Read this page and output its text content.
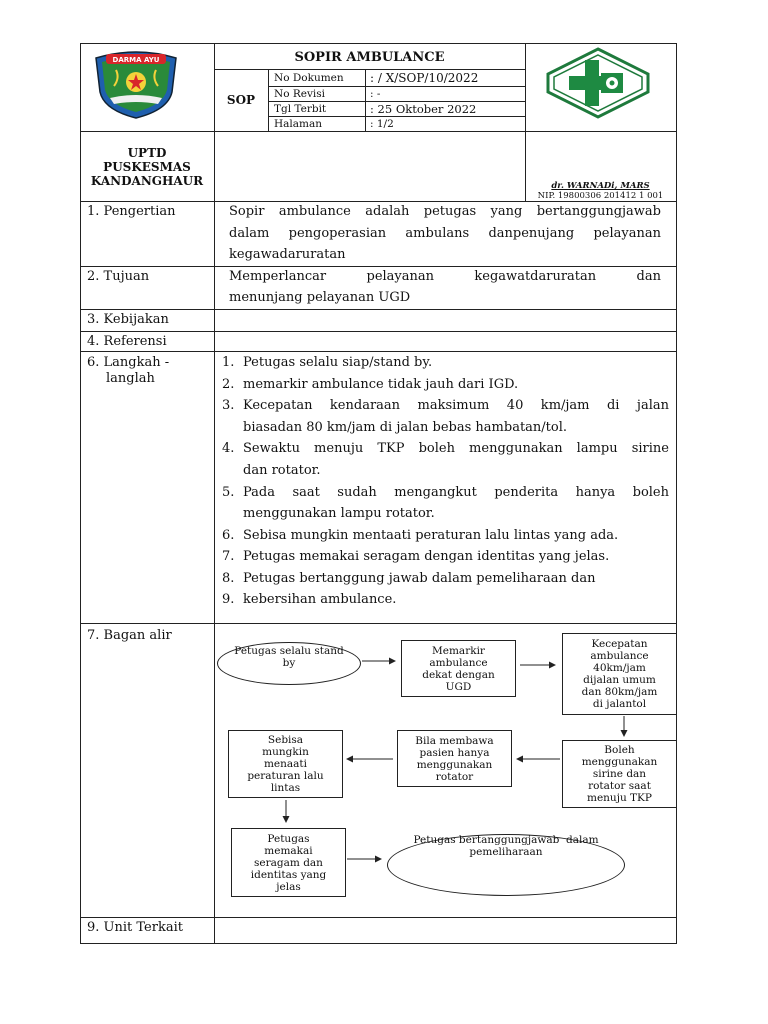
DARMA AYU	SOPIR AMBULANCE
SOP
No Dokumen : / X/SOP/10/2022
No Revisi	: -
Tgl Terbit	: 25 Oktober 2022
Halaman	: 1/2
UPTD
PUSKESMAS
KANDANGHAUR	dr. WARNADi, MARS
NIP. 19800306 201412 1 001
1. Pengertian	Sopir ambulance adalah petugas yang bertanggungjawab
dalam pengoperasian ambulans danpenujang pelayanan
kegawadaruratan
2. Tujuan	Memperlancar pelayanan kegawatdaruratan dan
menunjang pelayanan UGD
3. Kebijakan
4. Referensi
6. Langkah -
langlah
1. Petugas selalu siap/stand by.
2. memarkir ambulance tidak jauh dari IGD.
3. Kecepatan kendaraan maksimum 40 km/jam di jalan
biasadan 80 km/jam di jalan bebas hambatan/tol.
4. Sewaktu menuju TKP boleh menggunakan lampu sirine
dan rotator.
5. Pada saat sudah mengangkut penderita hanya boleh
menggunakan lampu rotator.
6. Sebisa mungkin mentaati peraturan lalu lintas yang ada.
7. Petugas memakai seragam dengan identitas yang jelas.
8. Petugas bertanggung jawab dalam pemeliharaan dan
9. kebersihan ambulance.
7. Bagan alir
9. Unit Terkait
Petugas selalu stand
by
Memarkir
ambulance
dekat dengan
UGD
Kecepatan
ambulance
40km/jam
dijalan umum
dan 80km/jam
di jalantol
Boleh
menggunakan
sirine dan
rotator saat
menuju TKP
Bila membawa
pasien hanya
menggunakan
rotator
Sebisa
mungkin
menaati
peraturan lalu
lintas
Petugas
memakai
seragam dan
identitas yang
jelas
Petugas bertanggungjawab  dalam
pemeliharaan
